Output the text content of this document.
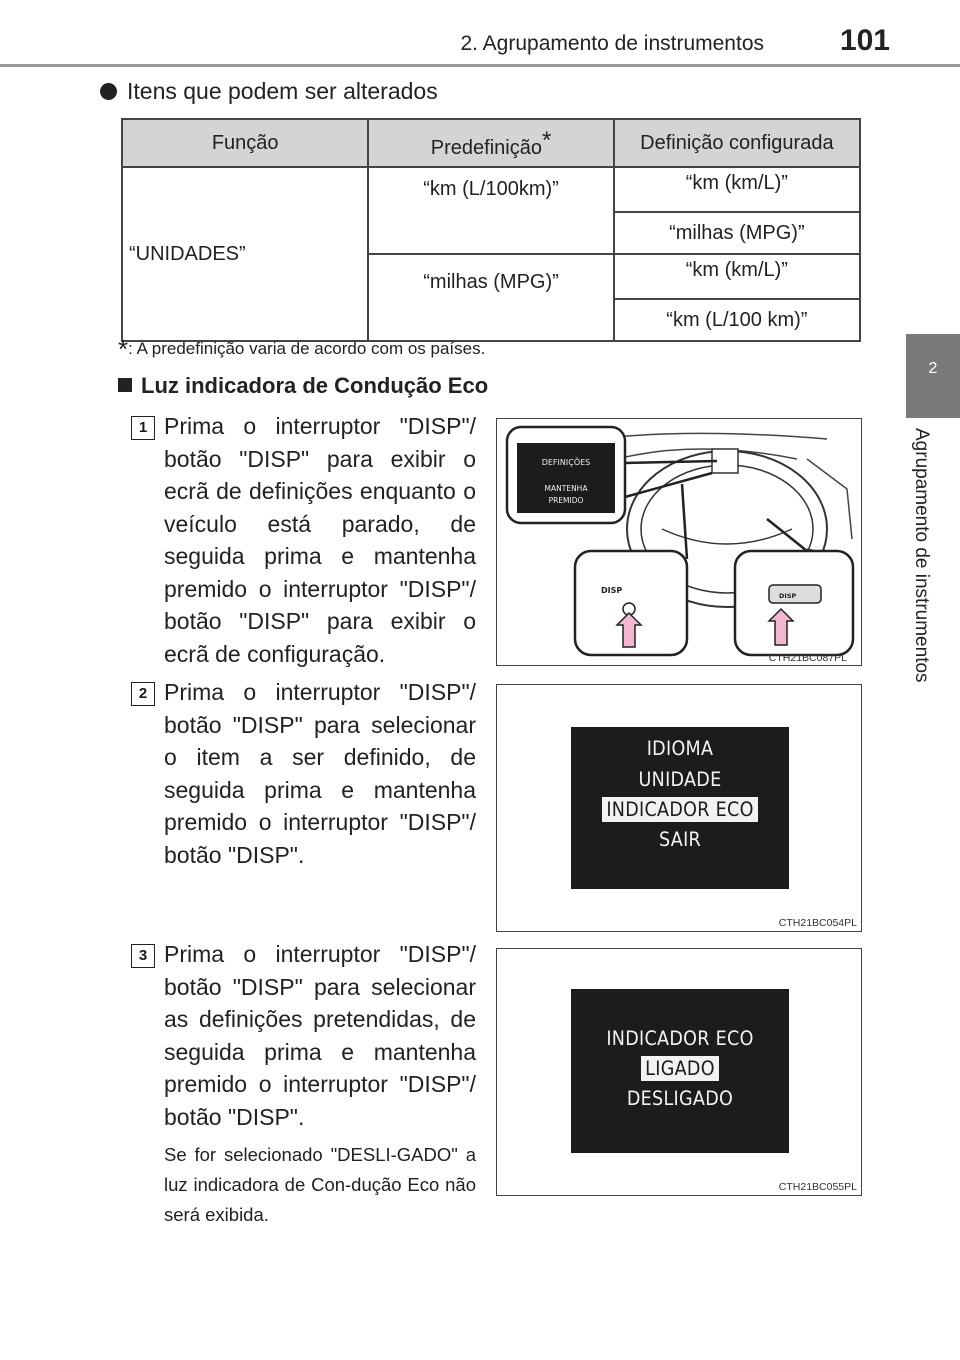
2. Agrupamento de instrumentos	101
2
Agrupamento de instrumentos
Itens que podem ser alterados
Função	Predefinição*	Definição configurada
“UNIDADES”	“km (L/100km)”	“km (km/L)”
		“milhas (MPG)”
	“milhas (MPG)”	“km (km/L)”
		“km (L/100 km)”
*: A predefinição varia de acordo com os países.
Luz indicadora de Condução Eco
1 Prima o interruptor "DISP"/ botão "DISP" para exibir o ecrã de definições enquanto o veículo está parado, de seguida prima e mantenha premido o interruptor "DISP"/ botão "DISP" para exibir o ecrã de configuração.
DEFINIÇÕES
MANTENHA
PREMIDO
DISP
DISP
CTH21BC087PL
2 Prima o interruptor "DISP"/ botão "DISP" para selecionar o item a ser definido, de seguida prima e mantenha premido o interruptor "DISP"/ botão "DISP".
IDIOMA
UNIDADE
INDICADOR ECO
SAIR
CTH21BC054PL
3 Prima o interruptor "DISP"/ botão "DISP" para selecionar as definições pretendidas, de seguida prima e mantenha premido o interruptor "DISP"/ botão "DISP".
Se for selecionado "DESLI-GADO" a luz indicadora de Con-dução Eco não será exibida.
INDICADOR ECO
LIGADO
DESLIGADO
CTH21BC055PL
